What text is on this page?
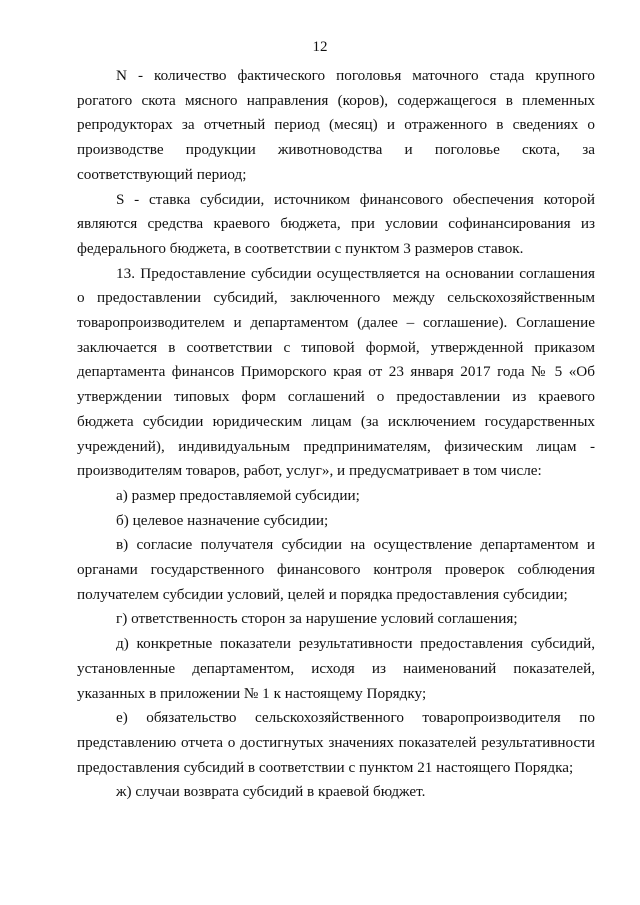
12

N - количество фактического поголовья маточного стада крупного рогатого скота мясного направления (коров), содержащегося в племенных репродукторах за отчетный период (месяц) и отраженного в сведениях о производстве продукции животноводства и поголовье скота, за соответствующий период;

S - ставка субсидии, источником финансового обеспечения которой являются средства краевого бюджета, при условии софинансирования из федерального бюджета, в соответствии с пунктом 3 размеров ставок.

13. Предоставление субсидии осуществляется на основании соглашения о предоставлении субсидий, заключенного между сельскохозяйственным товаропроизводителем и департаментом (далее – соглашение). Соглашение заключается в соответствии с типовой формой, утвержденной приказом департамента финансов Приморского края от 23 января 2017 года № 5 «Об утверждении типовых форм соглашений о предоставлении из краевого бюджета субсидии юридическим лицам (за исключением государственных учреждений), индивидуальным предпринимателям, физическим лицам - производителям товаров, работ, услуг», и предусматривает в том числе:

а) размер предоставляемой субсидии;

б) целевое назначение субсидии;

в) согласие получателя субсидии на осуществление департаментом и органами государственного финансового контроля проверок соблюдения получателем субсидии условий, целей и порядка предоставления субсидии;

г) ответственность сторон за нарушение условий соглашения;

д) конкретные показатели результативности предоставления субсидий, установленные департаментом, исходя из наименований показателей, указанных в приложении № 1 к настоящему Порядку;

е) обязательство сельскохозяйственного товаропроизводителя по представлению отчета о достигнутых значениях показателей результативности предоставления субсидий в соответствии с пунктом 21 настоящего Порядка;

ж) случаи возврата субсидий в краевой бюджет.
